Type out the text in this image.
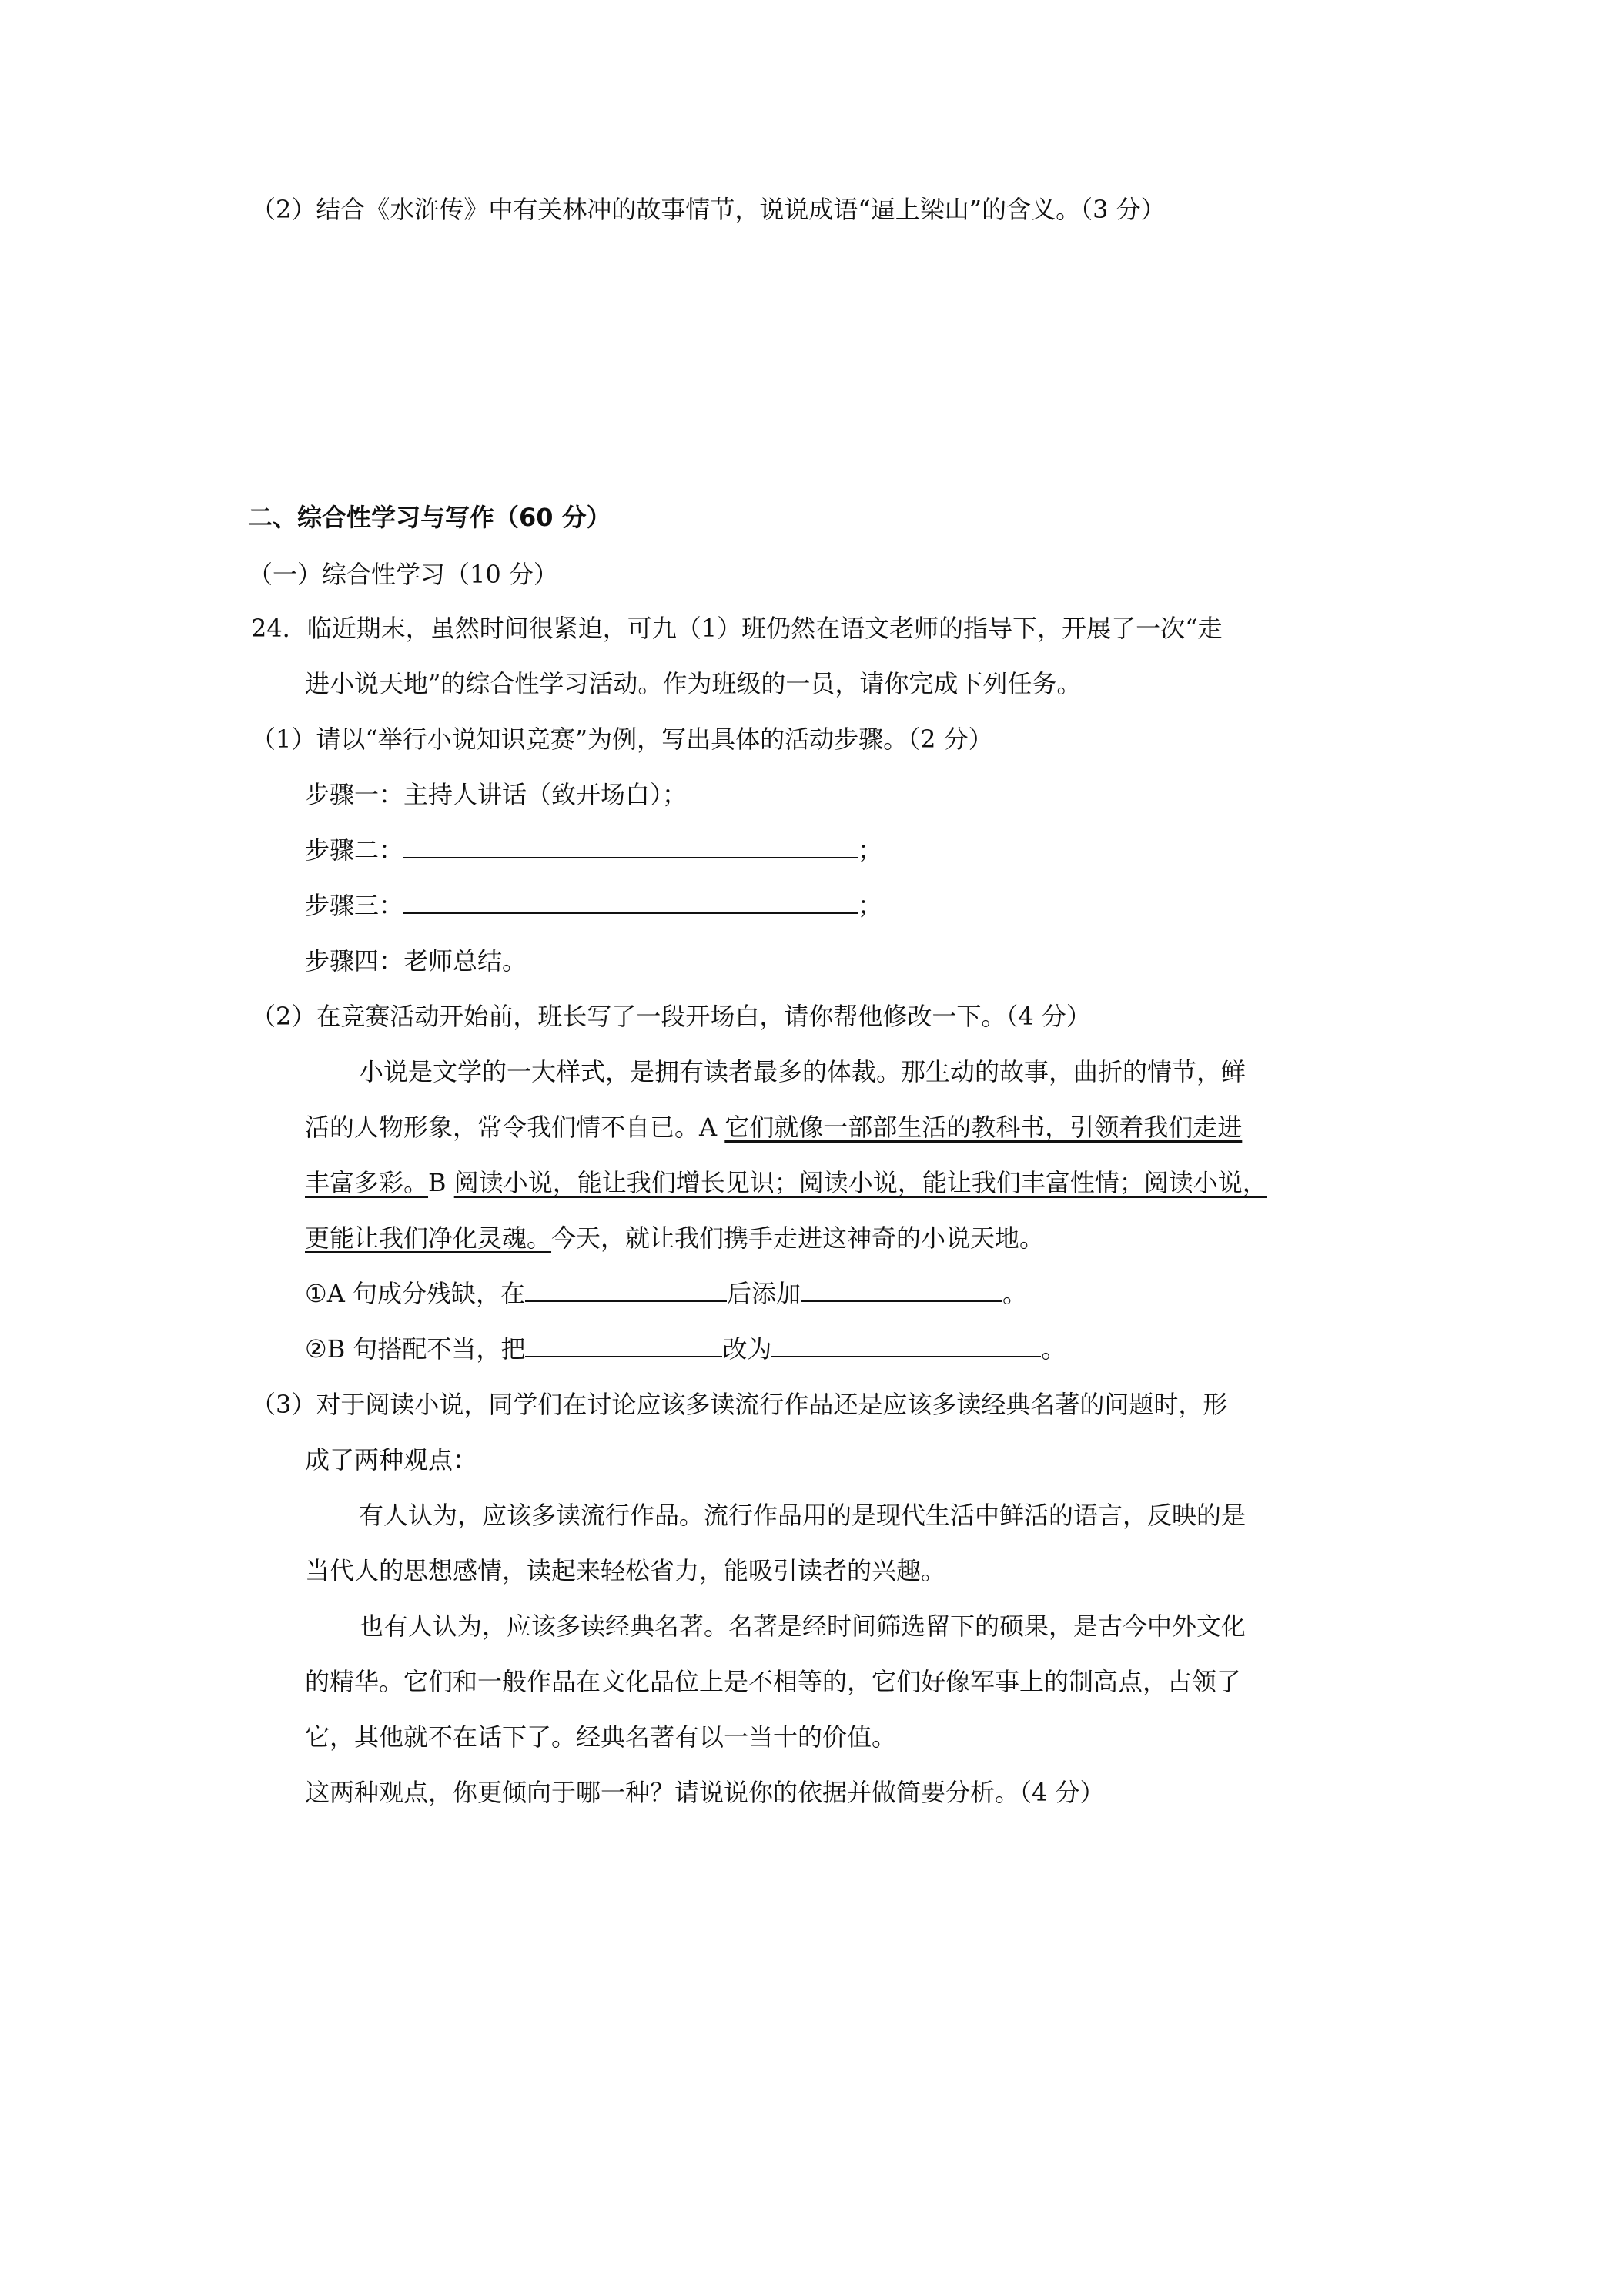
（2）结合《水浒传》中有关林冲的故事情节，说说成语“逼上梁山”的含义。（3 分）
二、综合性学习与写作（60 分）
（一）综合性学习（10 分）
24．临近期末，虽然时间很紧迫，可九（1）班仍然在语文老师的指导下，开展了一次“走
进小说天地”的综合性学习活动。作为班级的一员，请你完成下列任务。
（1）请以“举行小说知识竞赛”为例，写出具体的活动步骤。（2 分）
步骤一：主持人讲话（致开场白）；
步骤二：	；
步骤三：	；
步骤四：老师总结。
（2）在竞赛活动开始前，班长写了一段开场白，请你帮他修改一下。（4 分）
小说是文学的一大样式，是拥有读者最多的体裁。那生动的故事，曲折的情节，鲜
活的人物形象，常令我们情不自已。A 它们就像一部部生活的教科书，引领着我们走进
丰富多彩。B 阅读小说，能让我们增长见识；阅读小说，能让我们丰富性情；阅读小说，
更能让我们净化灵魂。今天，就让我们携手走进这神奇的小说天地。
①A 句成分残缺，在	后添加	。
②B 句搭配不当，把	改为	。
（3）对于阅读小说，同学们在讨论应该多读流行作品还是应该多读经典名著的问题时，形
成了两种观点：
有人认为，应该多读流行作品。流行作品用的是现代生活中鲜活的语言，反映的是
当代人的思想感情，读起来轻松省力，能吸引读者的兴趣。
也有人认为，应该多读经典名著。名著是经时间筛选留下的硕果，是古今中外文化
的精华。它们和一般作品在文化品位上是不相等的，它们好像军事上的制高点，占领了
它，其他就不在话下了。经典名著有以一当十的价值。
这两种观点，你更倾向于哪一种？请说说你的依据并做简要分析。（4 分）
